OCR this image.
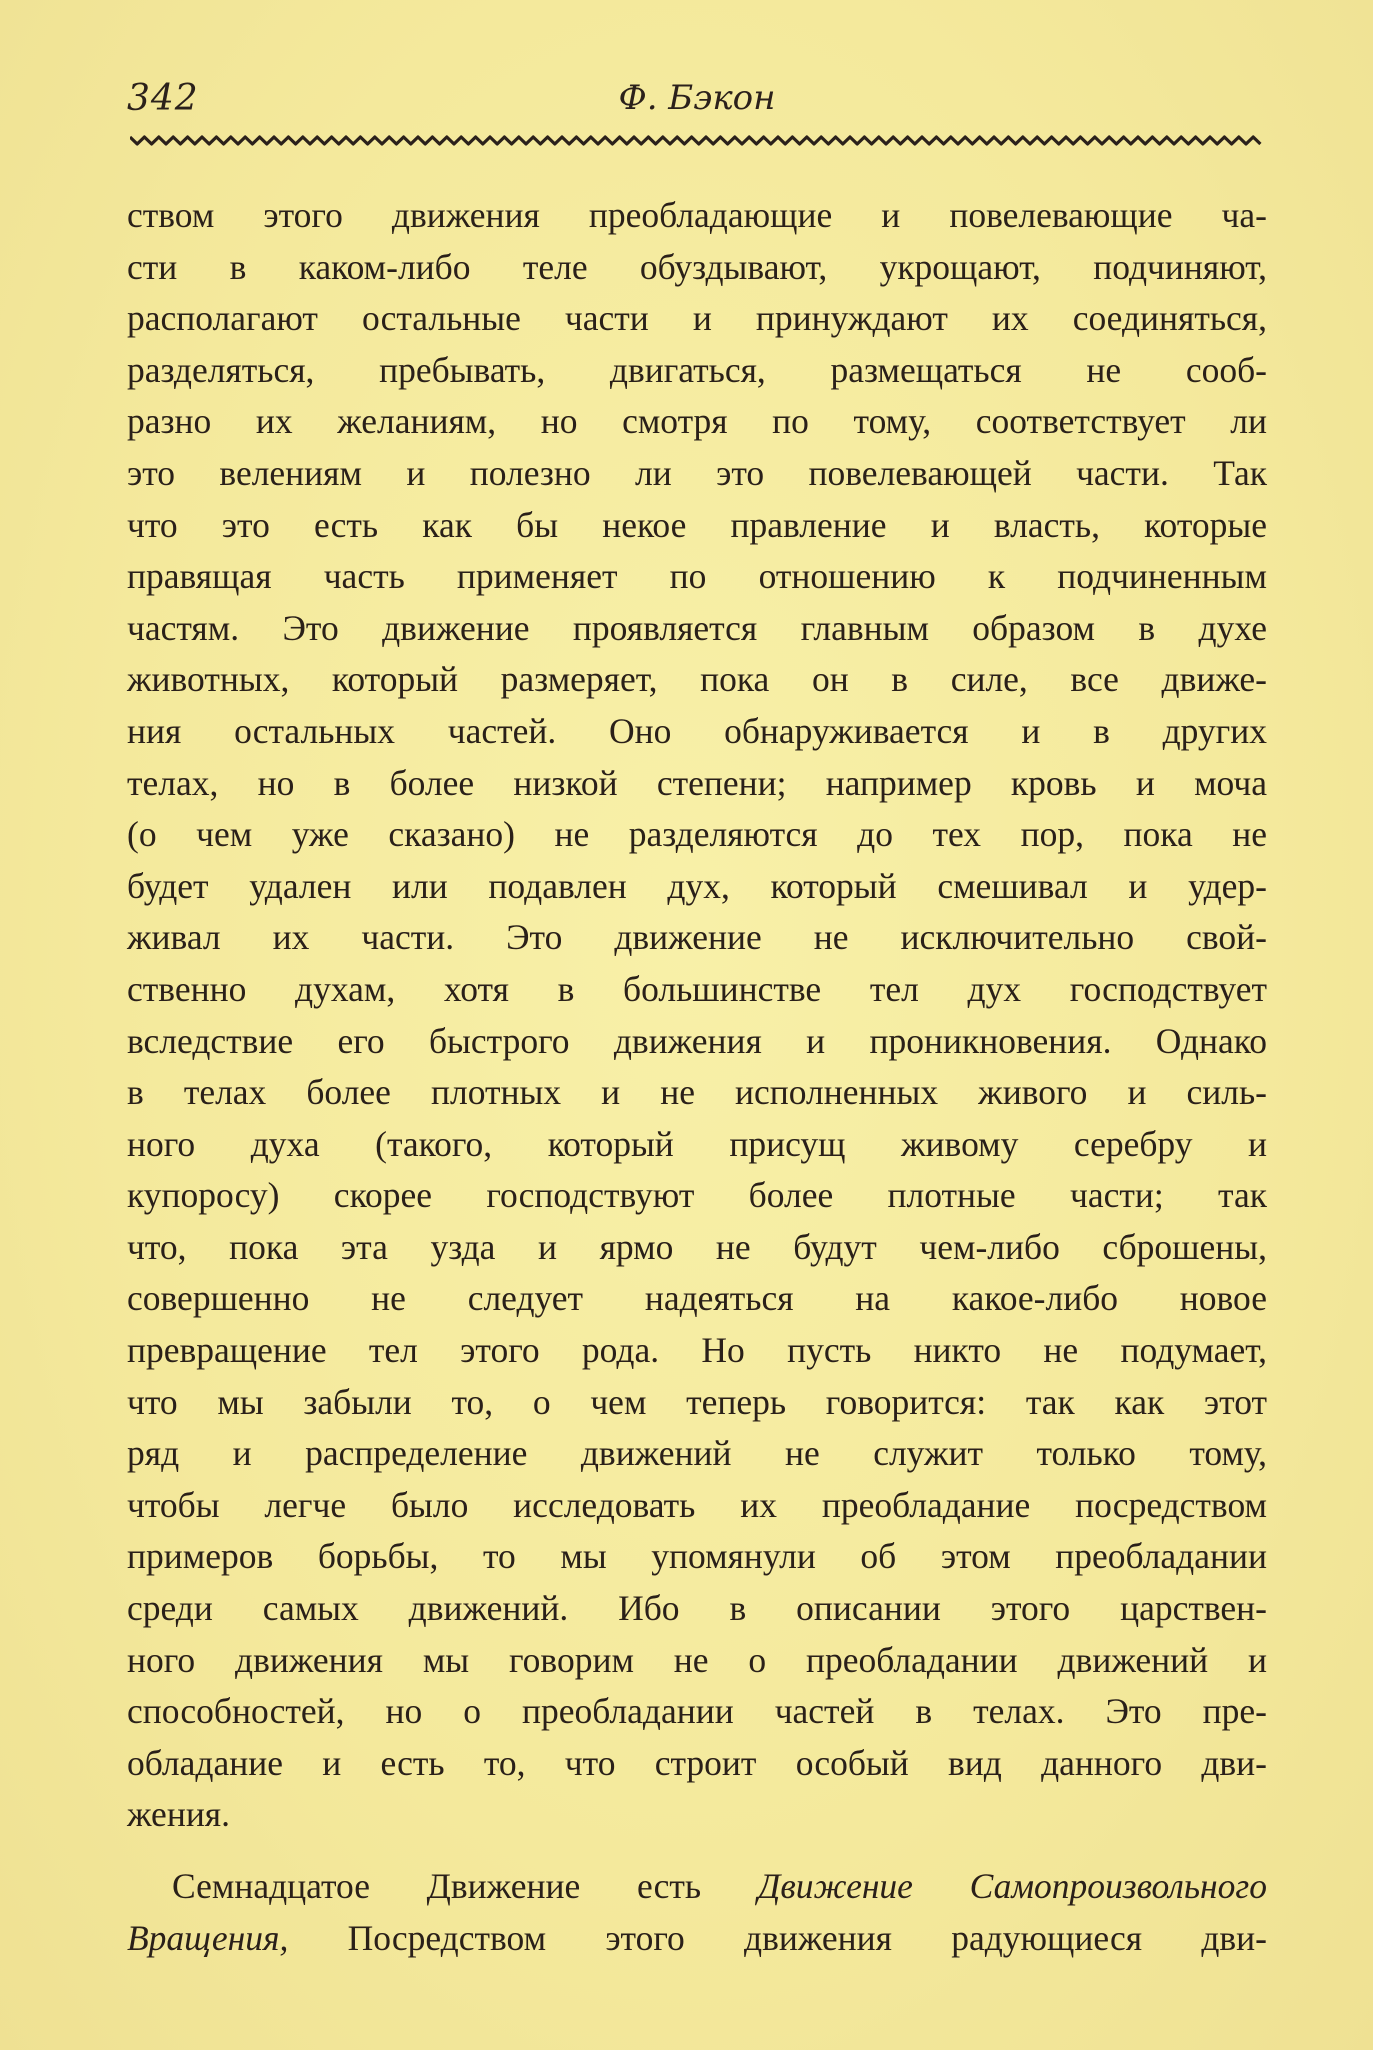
342	Ф. Бэкон

ством этого движения преобладающие и повелевающие ча-
сти в каком-либо теле обуздывают, укрощают, подчиняют,
располагают остальные части и принуждают их соединяться,
разделяться, пребывать, двигаться, размещаться не сооб-
разно их желаниям, но смотря по тому, соответствует ли
это велениям и полезно ли это повелевающей части. Так
что это есть как бы некое правление и власть, которые
правящая часть применяет по отношению к подчиненным
частям. Это движение проявляется главным образом в духе
животных, который размеряет, пока он в силе, все движе-
ния остальных частей. Оно обнаруживается и в других
телах, но в более низкой степени; например кровь и моча
(о чем уже сказано) не разделяются до тех пор, пока не
будет удален или подавлен дух, который смешивал и удер-
живал их части. Это движение не исключительно свой-
ственно духам, хотя в большинстве тел дух господствует
вследствие его быстрого движения и проникновения. Однако
в телах более плотных и не исполненных живого и силь-
ного духа (такого, который присущ живому серебру и
купоросу) скорее господствуют более плотные части; так
что, пока эта узда и ярмо не будут чем-либо сброшены,
совершенно не следует надеяться на какое-либо новое
превращение тел этого рода. Но пусть никто не подумает,
что мы забыли то, о чем теперь говорится: так как этот
ряд и распределение движений не служит только тому,
чтобы легче было исследовать их преобладание посредством
примеров борьбы, то мы упомянули об этом преобладании
среди самых движений. Ибо в описании этого царствен-
ного движения мы говорим не о преобладании движений и
способностей, но о преобладании частей в телах. Это пре-
обладание и есть то, что строит особый вид данного дви-
жения.

Семнадцатое Движение есть Движение Самопроизвольного
Вращения, Посредством этого движения радующиеся дви-
